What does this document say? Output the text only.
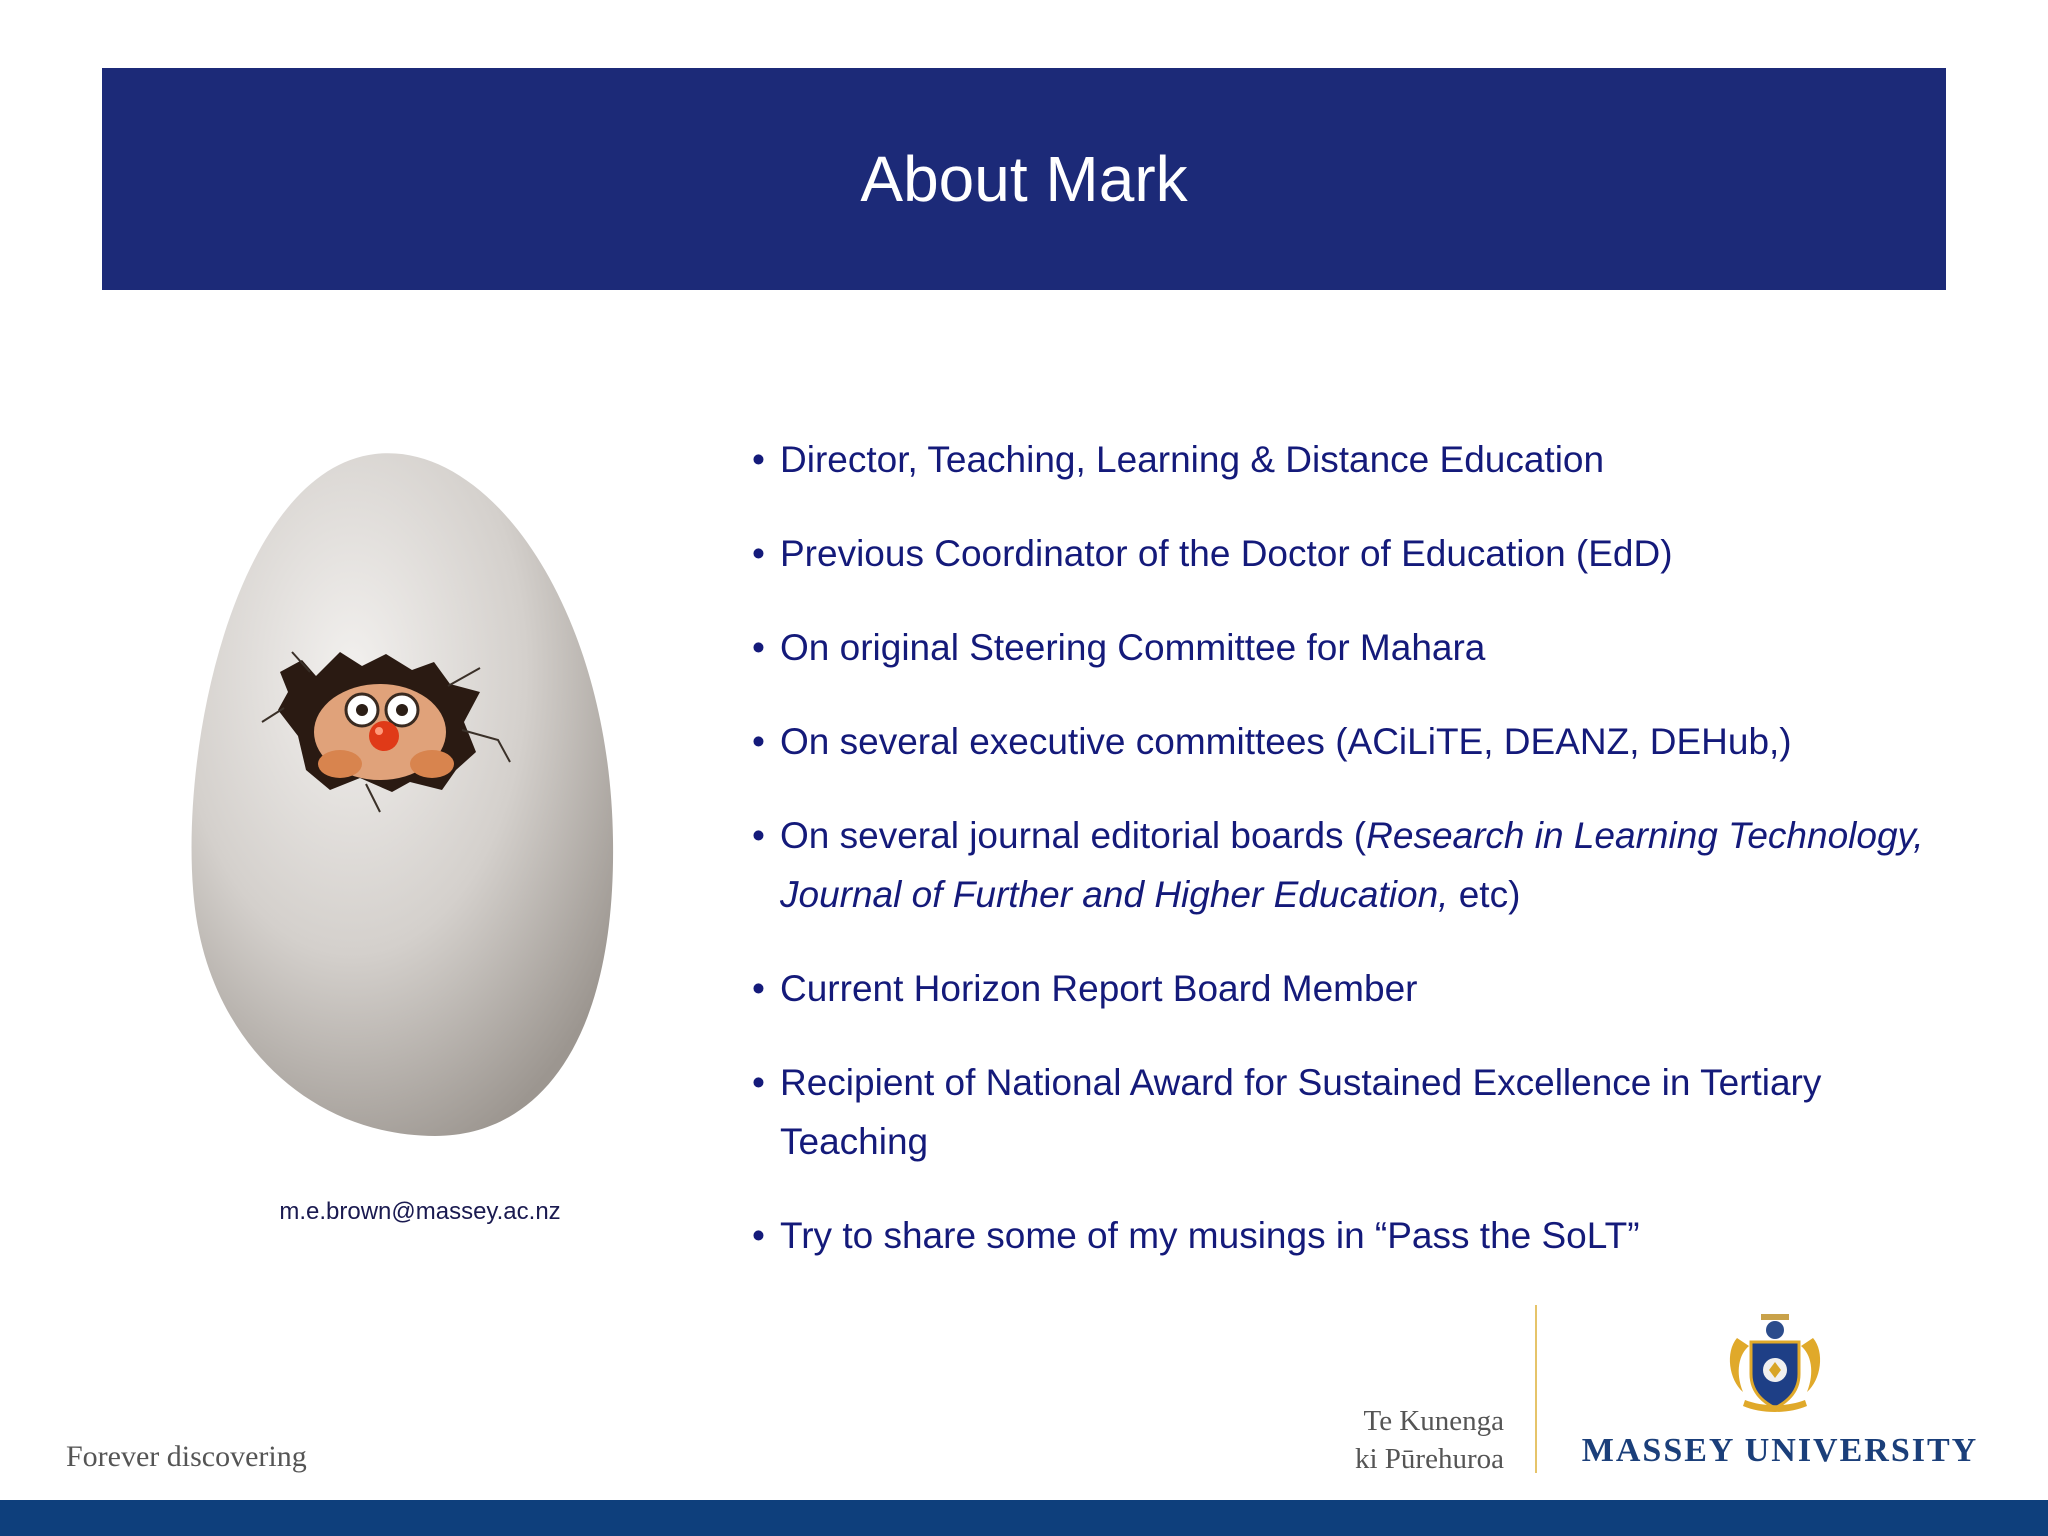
About Mark
m.e.brown@massey.ac.nz
• Director, Teaching, Learning & Distance Education
• Previous Coordinator of the Doctor of Education (EdD)
• On original Steering Committee for Mahara
• On several executive committees (ACiLiTE, DEANZ, DEHub,)
• On several journal editorial boards (Research in Learning Technology, Journal of Further and Higher Education, etc)
• Current Horizon Report Board Member
• Recipient of National Award for Sustained Excellence in Tertiary Teaching
• Try to share some of my musings in “Pass the SoLT”
Forever discovering
Te Kunenga
ki Pūrehuroa	MASSEY UNIVERSITY
